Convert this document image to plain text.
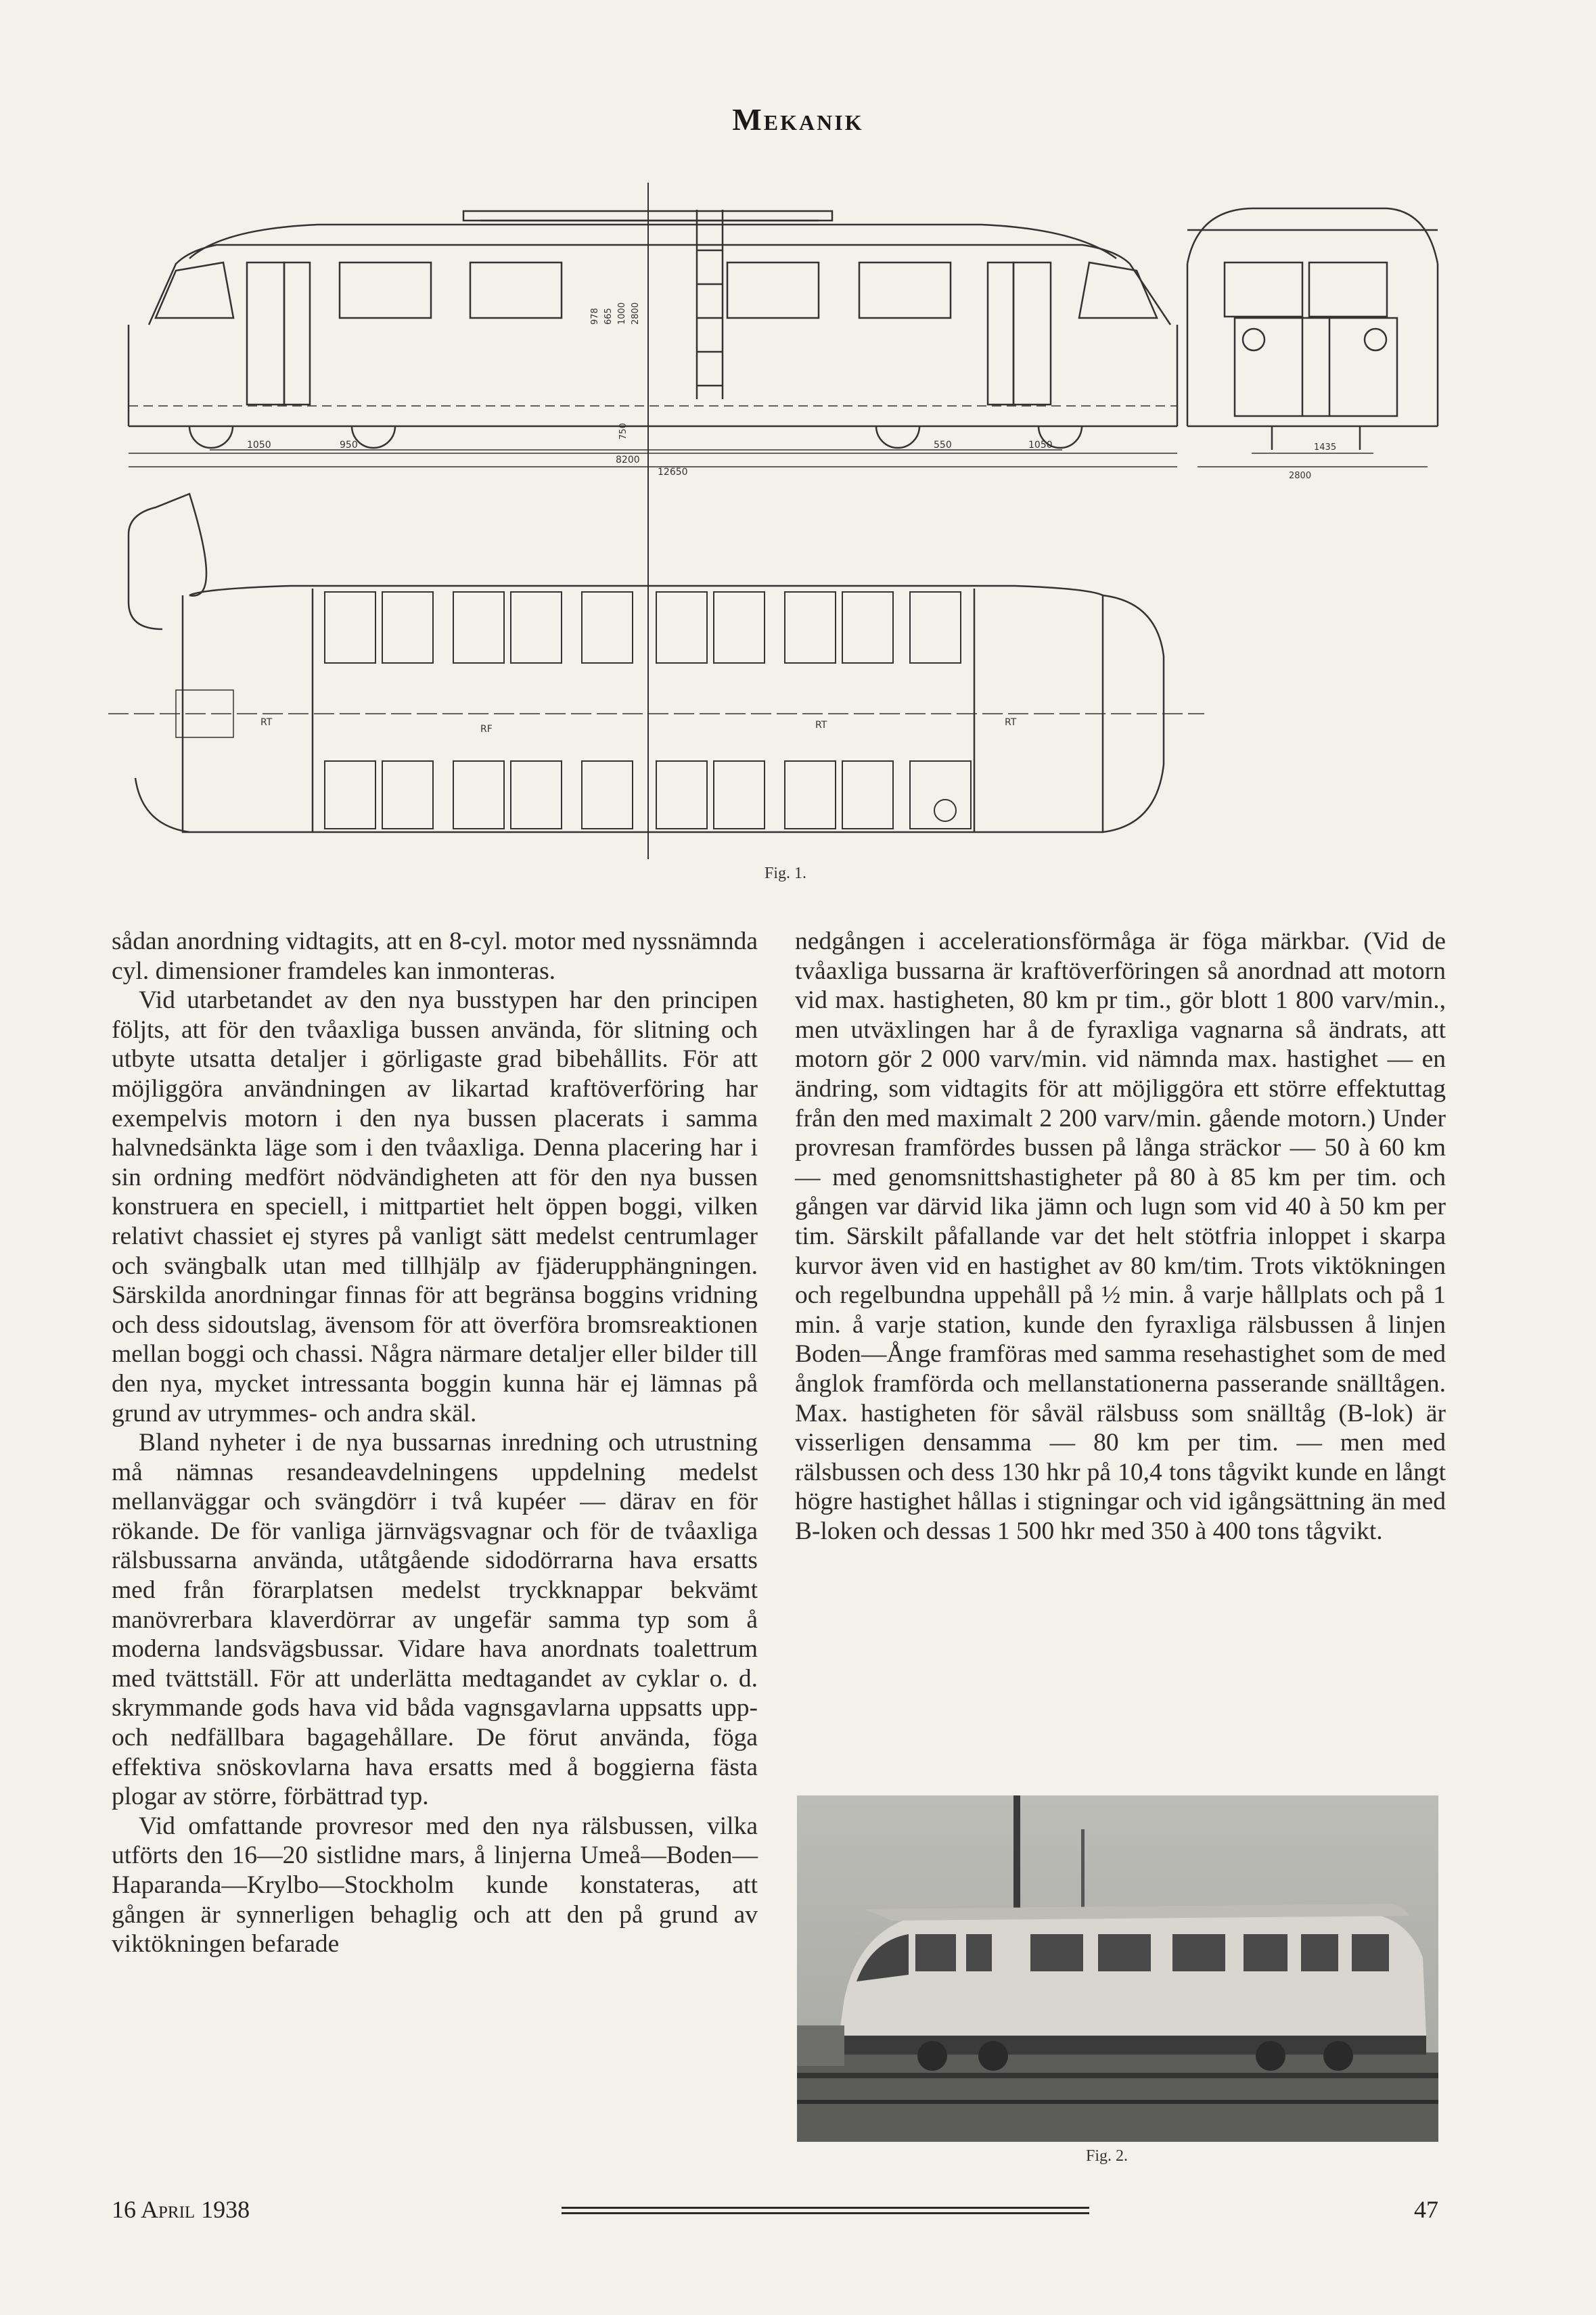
Mekanik
1050	950	550	1050
8200
12650
665 1000 2800
978
750
1435
2800
RT
RF	RT	RT
Fig. 1.

sådan anordning vidtagits, att en 8-cyl. motor med nyssnämnda cyl. dimensioner framdeles kan inmonteras.

Vid utarbetandet av den nya busstypen har den principen följts, att för den tvåaxliga bussen använda, för slitning och utbyte utsatta detaljer i görligaste grad bibehållits. För att möjliggöra användningen av likartad kraftöverföring har exempelvis motorn i den nya bussen placerats i samma halvnedsänkta läge som i den tvåaxliga. Denna placering har i sin ordning medfört nödvändigheten att för den nya bussen konstruera en speciell, i mittpartiet helt öppen boggi, vilken relativt chassiet ej styres på vanligt sätt medelst centrumlager och svängbalk utan med tillhjälp av fjäderupphängningen. Särskilda anordningar finnas för att begränsa boggins vridning och dess sidoutslag, ävensom för att överföra bromsreaktionen mellan boggi och chassi. Några närmare detaljer eller bilder till den nya, mycket intressanta boggin kunna här ej lämnas på grund av utrymmes- och andra skäl.

Bland nyheter i de nya bussarnas inredning och utrustning må nämnas resandeavdelningens uppdelning medelst mellanväggar och svängdörr i två kupéer — därav en för rökande. De för vanliga järnvägsvagnar och för de tvåaxliga rälsbussarna använda, utåtgående sidodörrarna hava ersatts med från förarplatsen medelst tryckknappar bekvämt manövrerbara klaverdörrar av ungefär samma typ som å moderna landsvägsbussar. Vidare hava anordnats toalettrum med tvättställ. För att underlätta medtagandet av cyklar o. d. skrymmande gods hava vid båda vagnsgavlarna uppsatts upp- och nedfällbara bagagehållare. De förut använda, föga effektiva snöskovlarna hava ersatts med å boggierna fästa plogar av större, förbättrad typ.

Vid omfattande provresor med den nya rälsbussen, vilka utförts den 16—20 sistlidne mars, å linjerna Umeå—Boden—Haparanda—Krylbo—Stockholm kunde konstateras, att gången är synnerligen behaglig och att den på grund av viktökningen befarade

nedgången i accelerationsförmåga är föga märkbar. (Vid de tvåaxliga bussarna är kraftöverföringen så anordnad att motorn vid max. hastigheten, 80 km pr tim., gör blott 1 800 varv/min., men utväxlingen har å de fyraxliga vagnarna så ändrats, att motorn gör 2 000 varv/min. vid nämnda max. hastighet — en ändring, som vidtagits för att möjliggöra ett större effektuttag från den med maximalt 2 200 varv/min. gående motorn.) Under provresan framfördes bussen på långa sträckor — 50 à 60 km — med genomsnittshastigheter på 80 à 85 km per tim. och gången var därvid lika jämn och lugn som vid 40 à 50 km per tim. Särskilt påfallande var det helt stötfria inloppet i skarpa kurvor även vid en hastighet av 80 km/tim. Trots viktökningen och regelbundna uppehåll på ½ min. å varje hållplats och på 1 min. å varje station, kunde den fyraxliga rälsbussen å linjen Boden—Ånge framföras med samma resehastighet som de med ånglok framförda och mellanstationerna passerande snälltågen. Max. hastigheten för såväl rälsbuss som snälltåg (B-lok) är visserligen densamma — 80 km per tim. — men med rälsbussen och dess 130 hkr på 10,4 tons tågvikt kunde en långt högre hastighet hållas i stigningar och vid igångsättning än med B-loken och dessas 1 500 hkr med 350 à 400 tons tågvikt.

Fig. 2.
16 April 1938	47
